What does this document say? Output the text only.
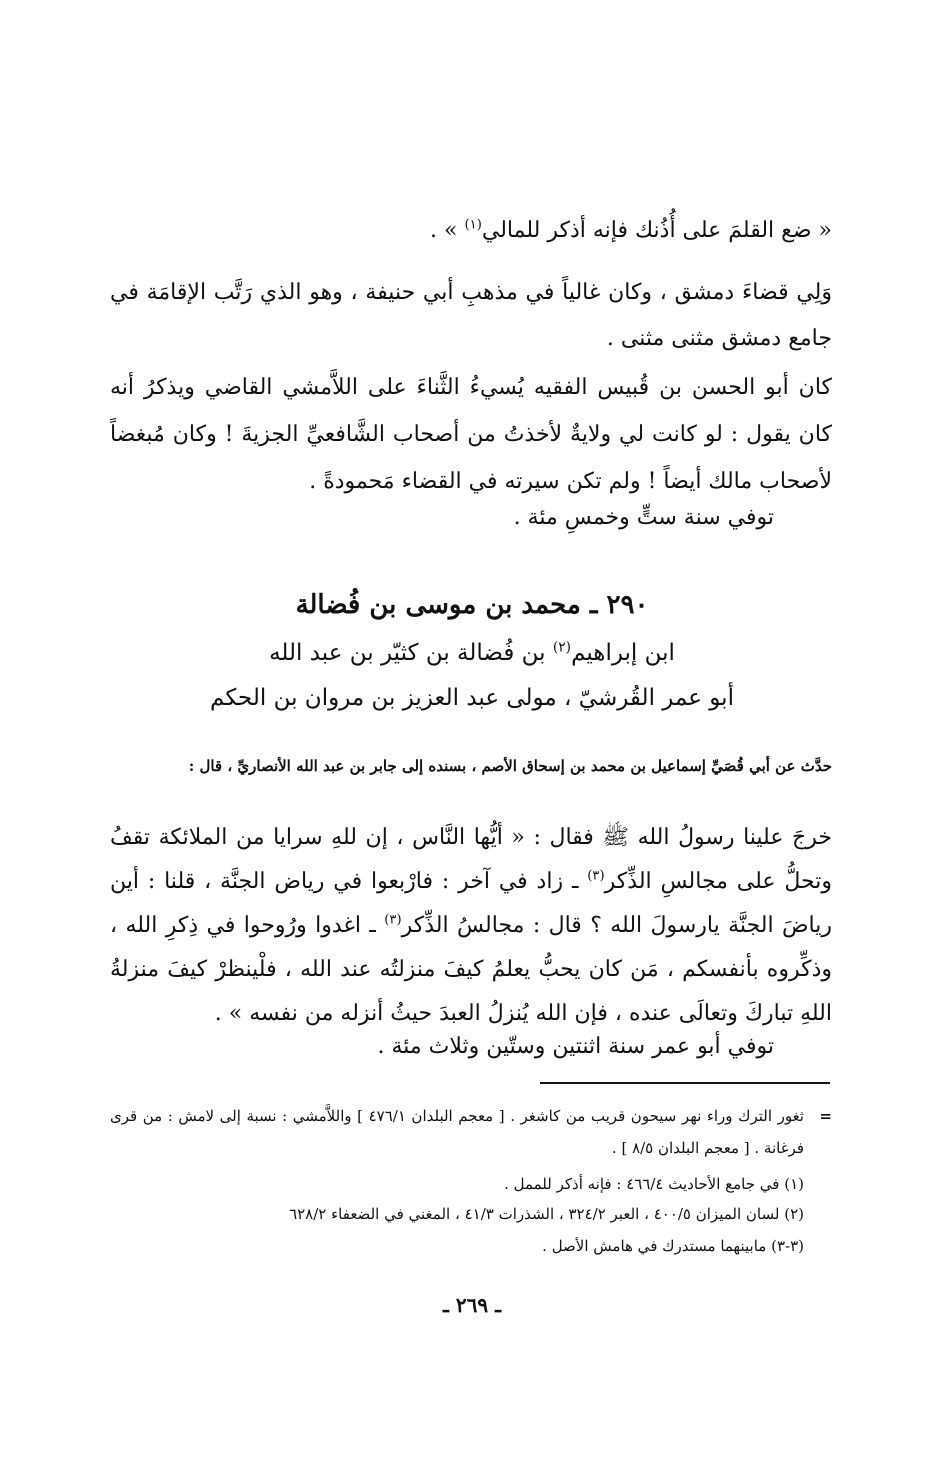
« ضع القلمَ على أُذُنك فإنه أذكر للمالي$^{(١)}$ » .
وَلِي قضاءَ دمشق ، وكان غالياً في مذهبِ أبي حنيفة ، وهو الذي رَتَّب الإقامَة في جامع دمشق مثنى مثنى .
كان أبو الحسن بن قُبيس الفقيه يُسيءُ الثَّناءَ على اللاَّمشي القاضي ويذكرُ أنه كان يقول : لو كانت لي ولايةٌ لأخذتُ من أصحاب الشَّافعيِّ الجزيةَ ! وكان مُبغضاً لأصحاب مالك أيضاً ! ولم تكن سيرته في القضاء مَحمودةً .
توفي سنة ستٍّ وخمسِ مئة .
٢٩٠ ـ محمد بن موسى بن فُضالة
ابن إبراهيم$^{(٢)}$ بن فُضالة بن كثيّر بن عبد الله
أبو عمر القُرشيّ ، مولى عبد العزيز بن مروان بن الحكم
حدَّث عن أبي قُصَيِّ إسماعيل بن محمد بن إسحاق الأصم ، بسنده إلى جابر بن عبد الله الأنصاريِّ ، قال :
خرجَ علينا رسولُ الله ﷺ فقال : « أيُّها النَّاس ، إن للهِ سرايا من الملائكة تقفُ وتحلُّ على مجالسِ الذِّكر$^{(٣)}$ ـ زاد في آخر : فارْبعوا في رياض الجنَّة ، قلنا : أين رياضَ الجنَّة يارسولَ الله ؟ قال : مجالسُ الذِّكر$^{(٣)}$ ـ اغدوا ورُوحوا في ذِكرِ الله ، وذكِّروه بأنفسكم ، مَن كان يحبُّ يعلمُ كيفَ منزلتُه عند الله ، فلْينظرْ كيفَ منزلةُ اللهِ تباركَ وتعالَى عنده ، فإن الله يُنزلُ العبدَ حيثُ أنزله من نفسه » .
توفي أبو عمر سنة اثنتين وستّين وثلاث مئة .
=
ثغور الترك وراء نهر سيحون قريب من كاشغر . [ معجم البلدان ٤٧٦/١ ] واللاَّمشي : نسبة إلى لامش : من قرى فرغانة . [ معجم البلدان ٨/٥ ] .
(١) في جامع الأحاديث ٤٦٦/٤ : فإنه أذكر للممل .
(٢) لسان الميزان ٤٠٠/٥ ، العبر ٣٢٤/٢ ، الشذرات ٤١/٣ ، المغني في الضعفاء ٦٢٨/٢
(٣-٣) مابينهما مستدرك في هامش الأصل .
ـ ٢٦٩ ـ
